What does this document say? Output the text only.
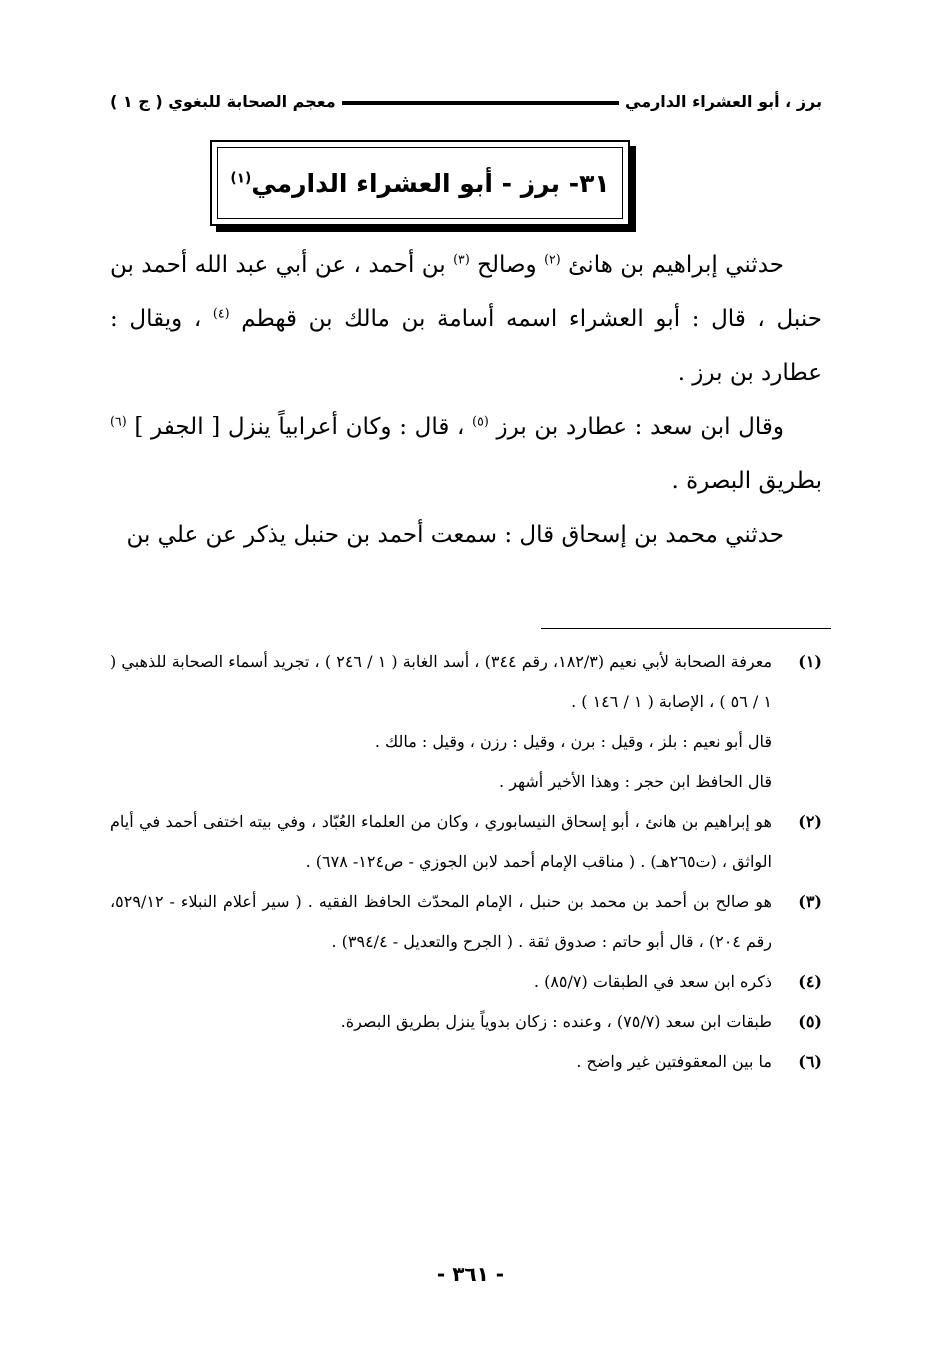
برز ، أبو العشراء الدارمي
معجم الصحابة للبغوي ( ج ١ )
٣١- برز - أبو العشراء الدارمي$^{(١)}$

حدثني إبراهيم بن هانئ $^{(٢)}$ وصالح $^{(٣)}$ بن أحمد ، عن أبي عبد الله أحمد بن حنبل ، قال : أبو العشراء اسمه أسامة بن مالك بن قهطم $^{(٤)}$ ، ويقال : عطارد بن برز .

وقال ابن سعد : عطارد بن برز $^{(٥)}$ ، قال : وكان أعرابياً ينزل [ الجفر ] $^{(٦)}$ بطريق البصرة .

حدثني محمد بن إسحاق قال : سمعت أحمد بن حنبل يذكر عن علي بن

(١)

معرفة الصحابة لأبي نعيم (١٨٢/٣، رقم ٣٤٤) ، أسد الغابة ( ١ / ٢٤٦ ) ، تجريد أسماء الصحابة للذهبي ( ١ / ٥٦ ) ، الإصابة ( ١ / ١٤٦ ) .

قال أبو نعيم : بلز ، وقيل : برن ، وقيل : رزن ، وقيل : مالك .

قال الحافظ ابن حجر : وهذا الأخير أشهر .

(٢)

هو إبراهيم بن هانئ ، أبو إسحاق النيسابوري ، وكان من العلماء العُبّاد ، وفي بيته اختفى أحمد في أيام الواثق ، (ت٢٦٥هـ) . ( مناقب الإمام أحمد لابن الجوزي - ص١٢٤- ٦٧٨) .

(٣)

هو صالح بن أحمد بن محمد بن حنبل ، الإمام المحدّث الحافظ الفقيه . ( سير أعلام النبلاء - ٥٢٩/١٢، رقم ٢٠٤) ، قال أبو حاتم : صدوق ثقة . ( الجرح والتعديل - ٣٩٤/٤) .

(٤)

ذكره ابن سعد في الطبقات (٨٥/٧) .

(٥)

طبقات ابن سعد (٧٥/٧) ، وعنده : زكان بدوياً ينزل بطريق البصرة.

(٦)

ما بين المعقوفتين غير واضح .

- ٣٦١ -
